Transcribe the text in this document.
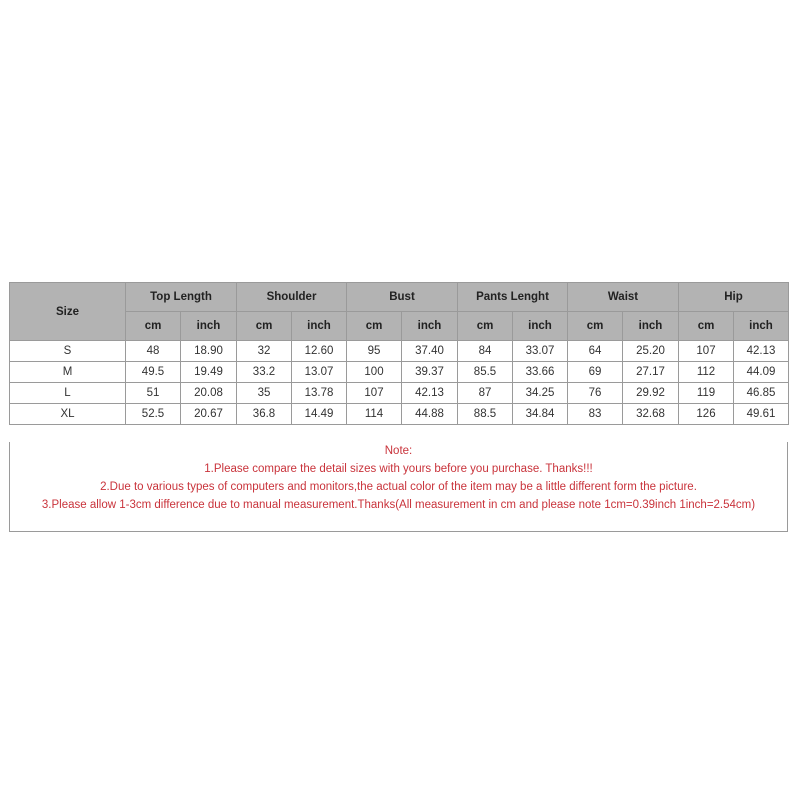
Size	Top Length		Shoulder		Bust		Pants Lenght		Waist		Hip	
	cm	inch	cm	inch	cm	inch	cm	inch	cm	inch	cm	inch
S	48	18.90	32	12.60	95	37.40	84	33.07	64	25.20	107	42.13
M	49.5	19.49	33.2	13.07	100	39.37	85.5	33.66	69	27.17	112	44.09
L	51	20.08	35	13.78	107	42.13	87	34.25	76	29.92	119	46.85
XL	52.5	20.67	36.8	14.49	114	44.88	88.5	34.84	83	32.68	126	49.61
Note:
1.Please compare the detail sizes with yours before you purchase. Thanks!!!
2.Due to various types of computers and monitors,the actual color of the item may be a little different form the picture.
3.Please allow 1-3cm difference due to manual measurement.Thanks(All measurement in cm and please note 1cm=0.39inch 1inch=2.54cm)
